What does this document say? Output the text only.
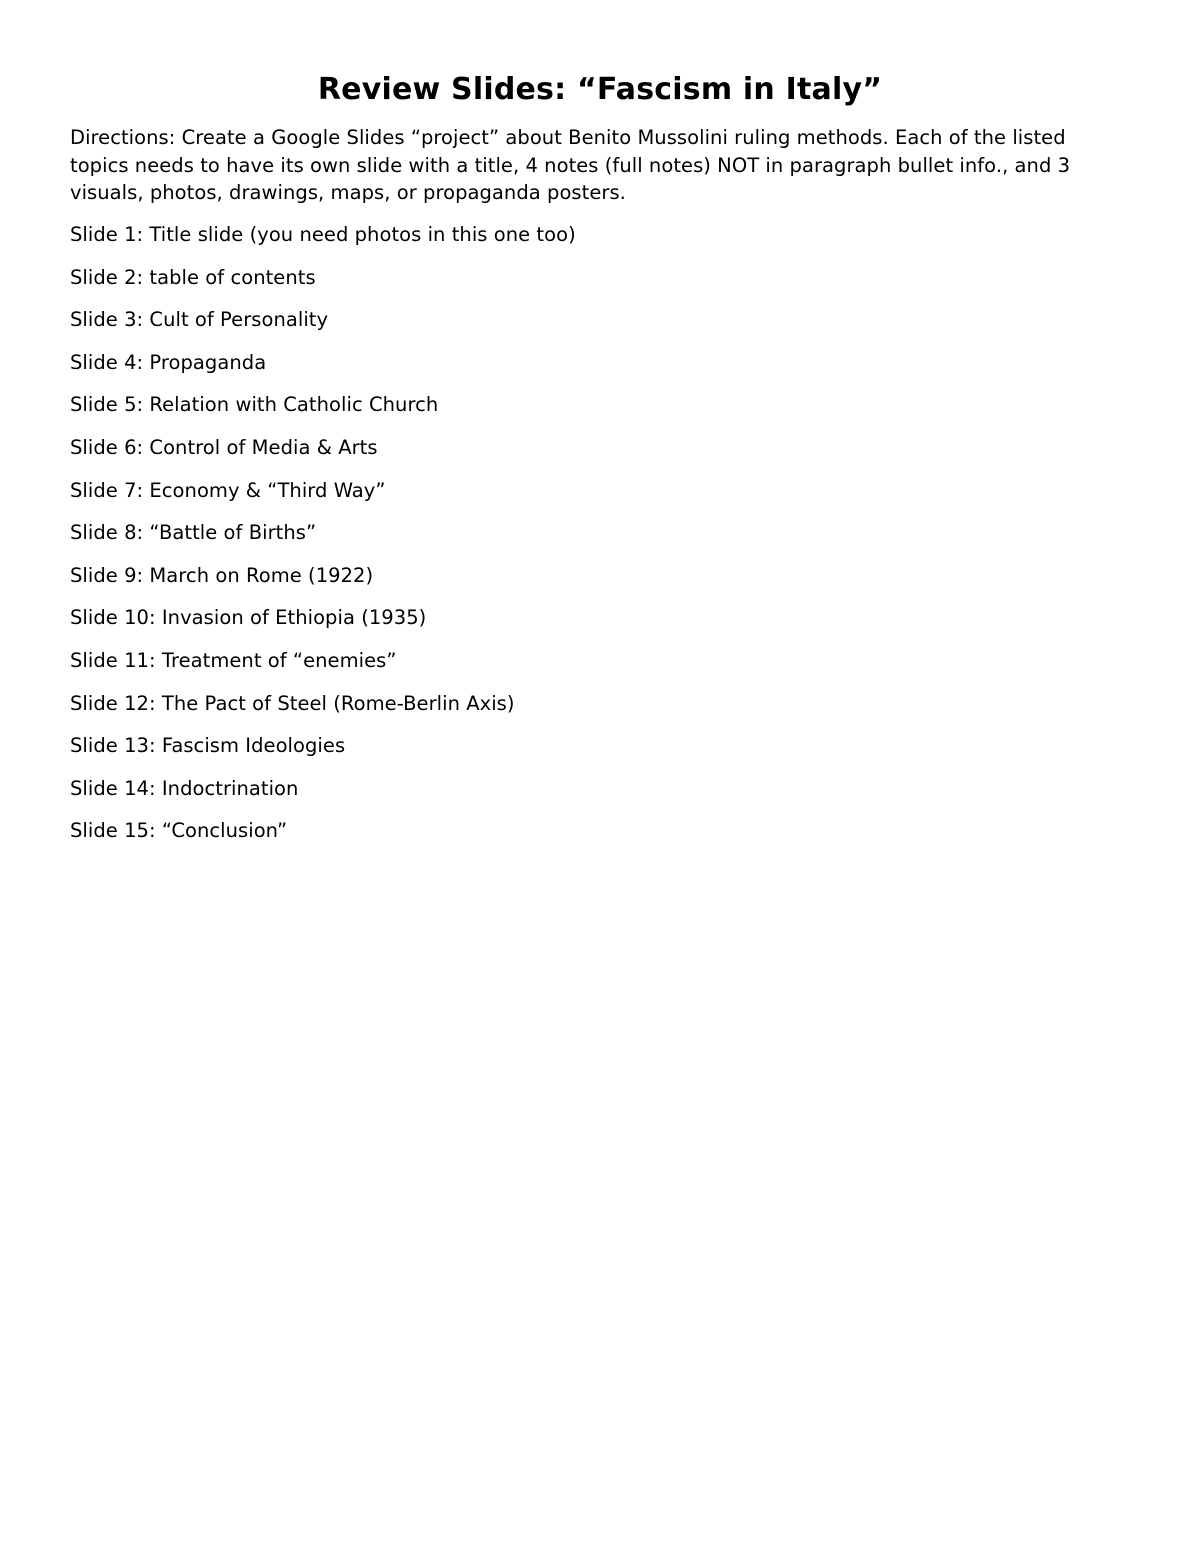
Review Slides: “Fascism in Italy”

Directions: Create a Google Slides “project” about Benito Mussolini ruling methods. Each of the listed topics needs to have its own slide with a title, 4 notes (full notes) NOT in paragraph bullet info., and 3 visuals, photos, drawings, maps, or propaganda posters.

Slide 1: Title slide (you need photos in this one too)
Slide 2: table of contents
Slide 3: Cult of Personality
Slide 4: Propaganda
Slide 5: Relation with Catholic Church
Slide 6: Control of Media & Arts
Slide 7: Economy & “Third Way”
Slide 8: “Battle of Births”
Slide 9: March on Rome (1922)
Slide 10: Invasion of Ethiopia (1935)
Slide 11: Treatment of “enemies”
Slide 12: The Pact of Steel (Rome-Berlin Axis)
Slide 13: Fascism Ideologies
Slide 14: Indoctrination
Slide 15: “Conclusion”
